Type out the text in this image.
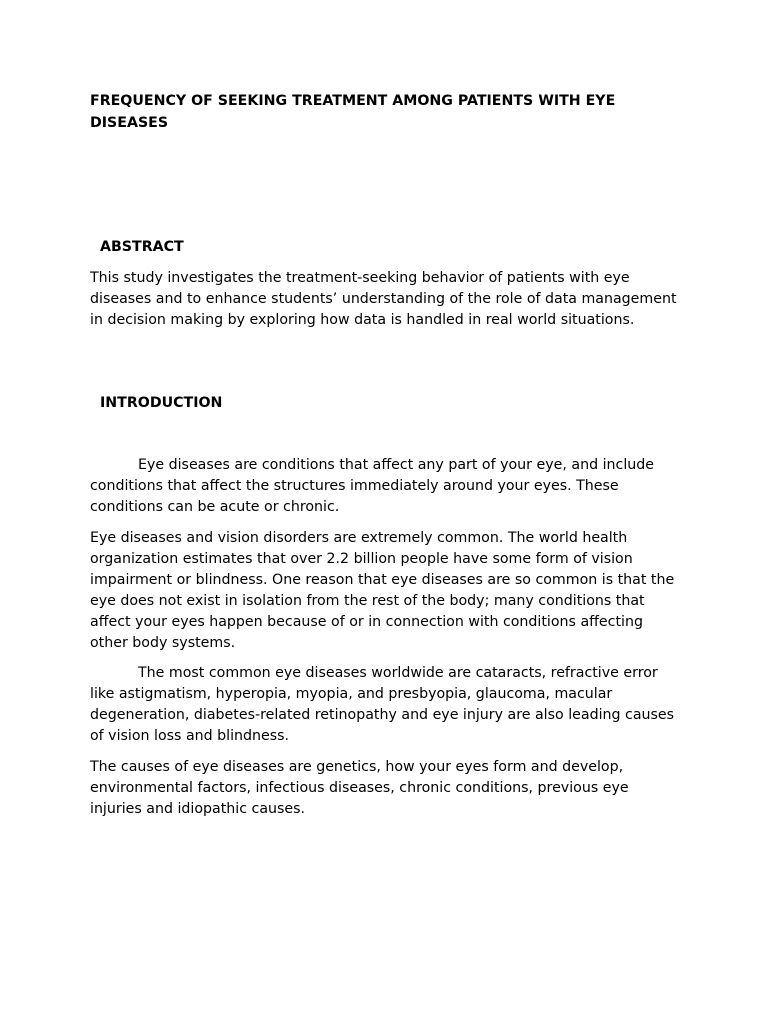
FREQUENCY OF SEEKING TREATMENT AMONG PATIENTS WITH EYE DISEASES
ABSTRACT

This study investigates the treatment-seeking behavior of patients with eye diseases and to enhance students’ understanding of the role of data management in decision making by exploring how data is handled in real world situations.

INTRODUCTION

Eye diseases are conditions that affect any part of your eye, and include conditions that affect the structures immediately around your eyes. These conditions can be acute or chronic.

Eye diseases and vision disorders are extremely common. The world health organization estimates that over 2.2 billion people have some form of vision impairment or blindness. One reason that eye diseases are so common is that the eye does not exist in isolation from the rest of the body; many conditions that affect your eyes happen because of or in connection with conditions affecting other body systems.

The most common eye diseases worldwide are cataracts, refractive error like astigmatism, hyperopia, myopia, and presbyopia, glaucoma, macular degeneration, diabetes-related retinopathy and eye injury are also leading causes of vision loss and blindness.

The causes of eye diseases are genetics, how your eyes form and develop, environmental factors, infectious diseases, chronic conditions, previous eye injuries and idiopathic causes.
